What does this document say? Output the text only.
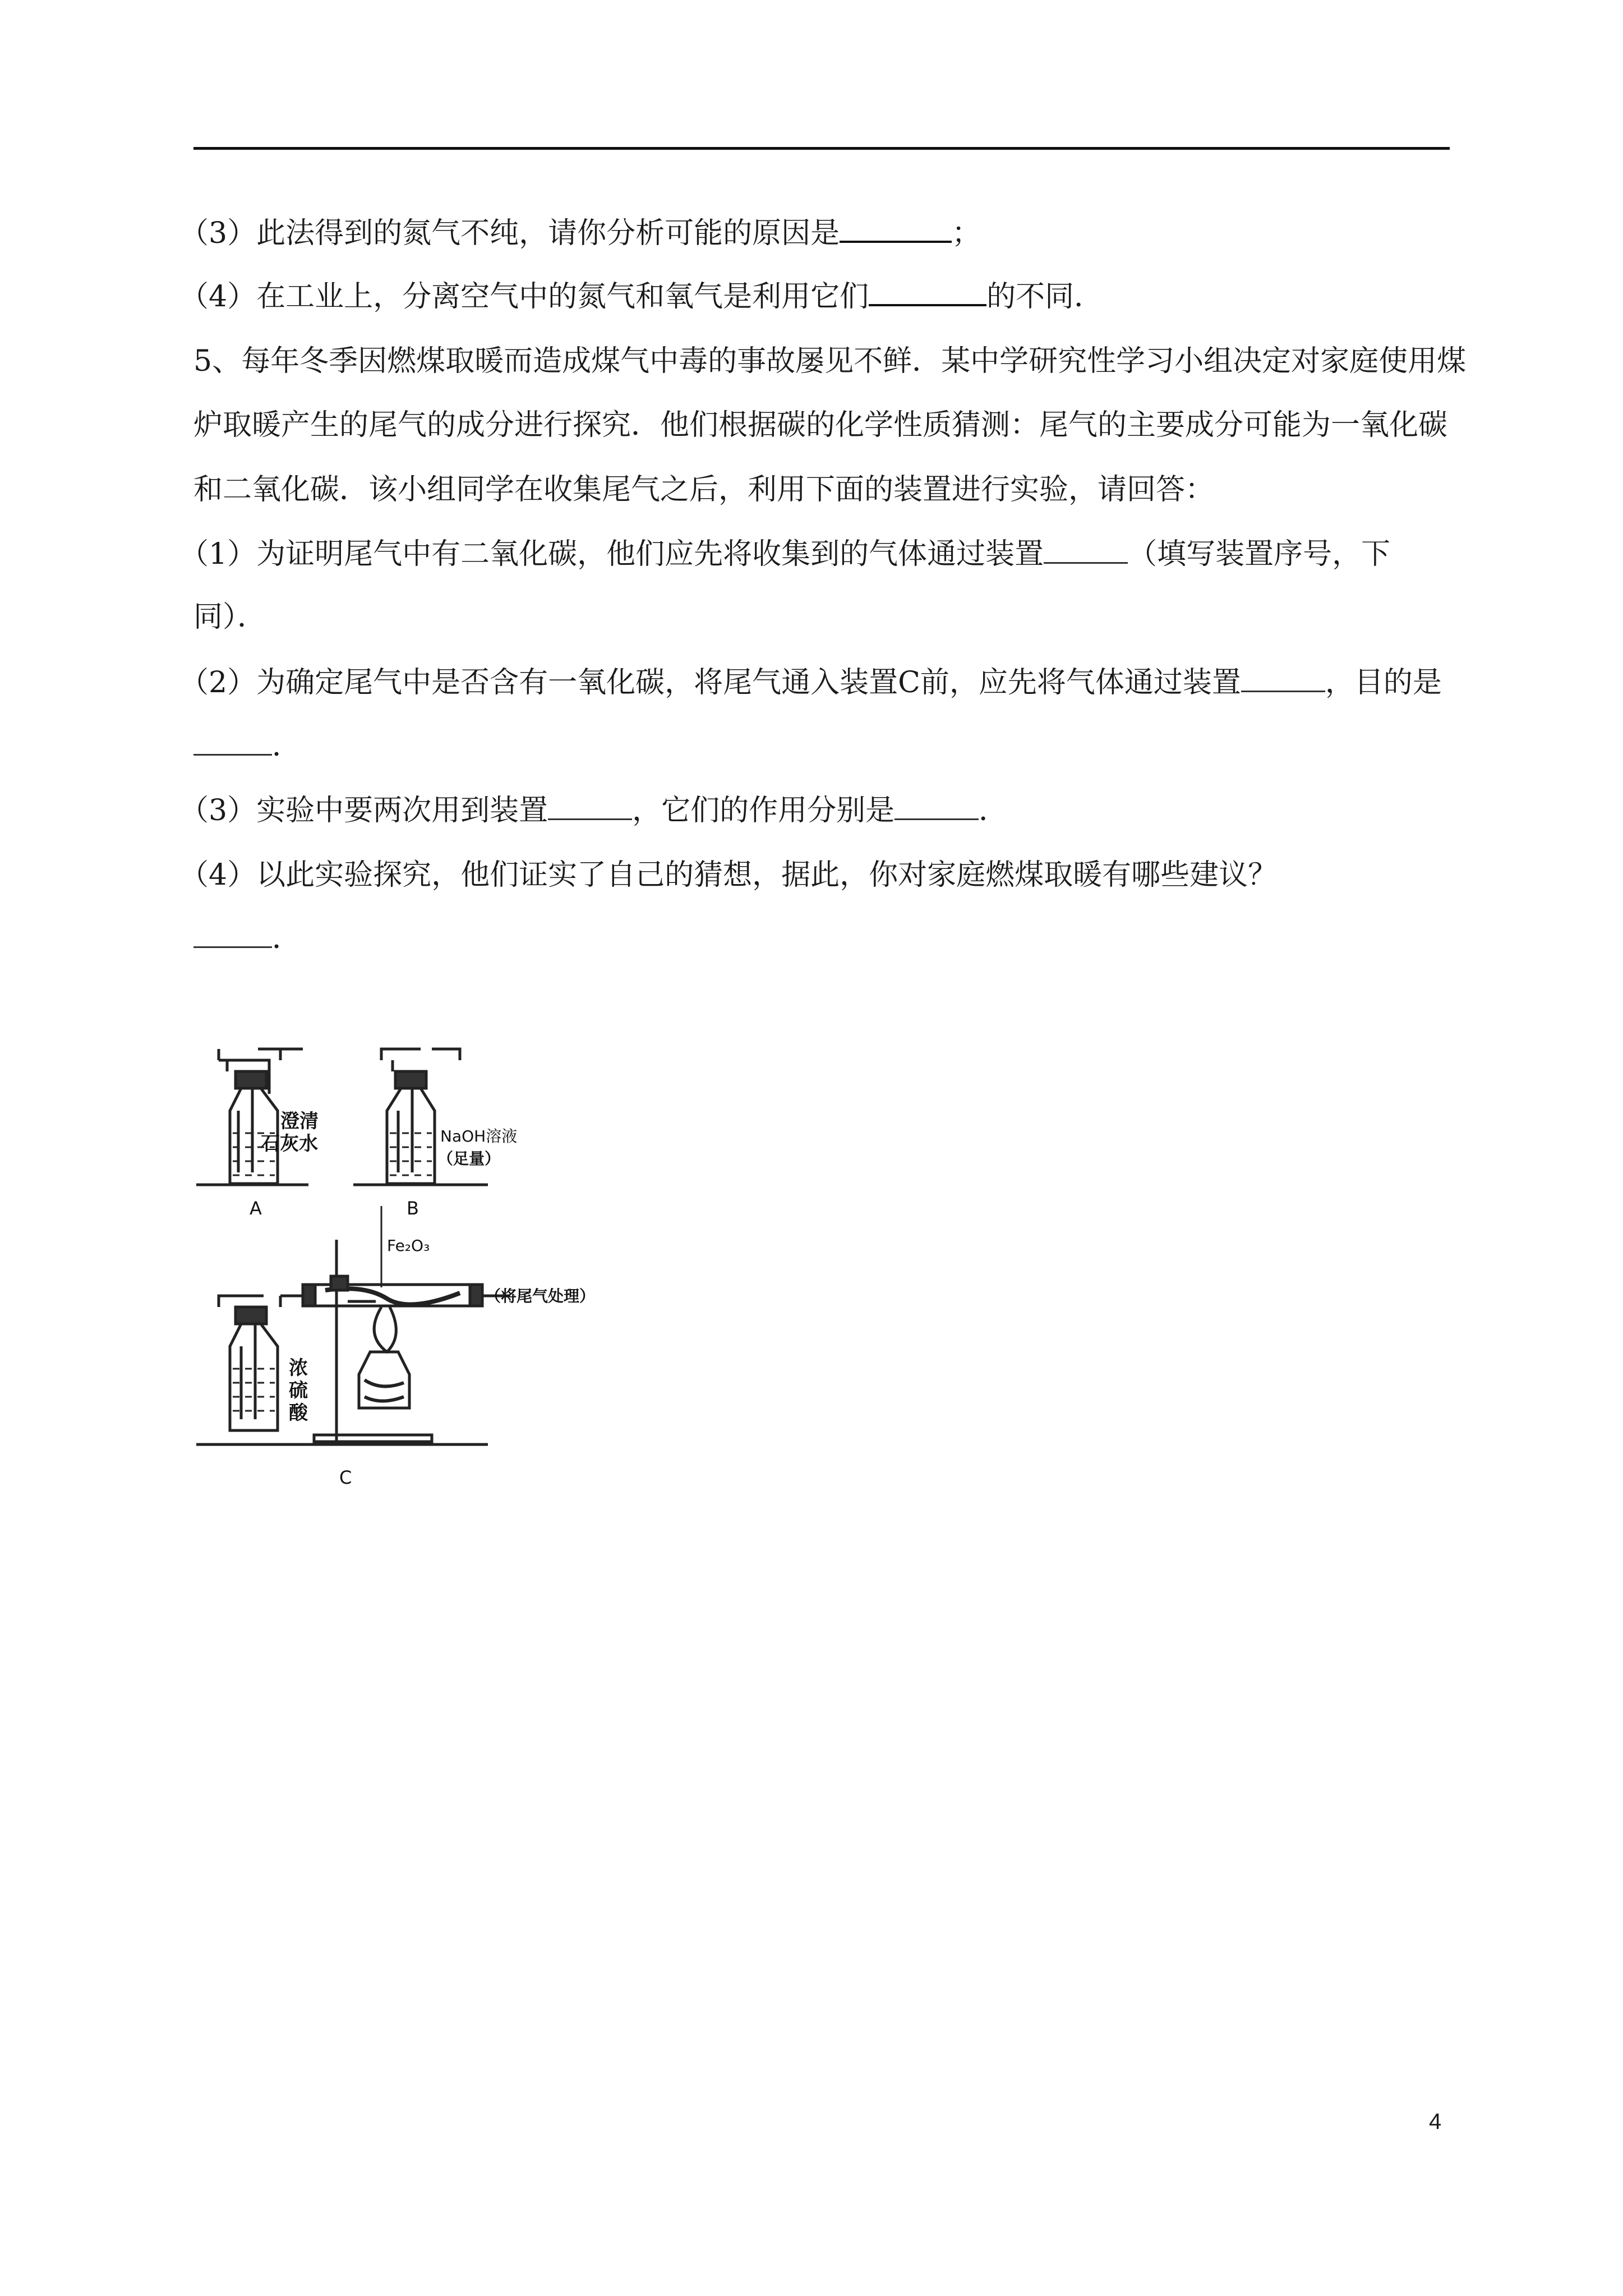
（3）此法得到的氮气不纯，请你分析可能的原因是	；
（4）在工业上，分离空气中的氮气和氧气是利用它们	的不同．
5、每年冬季因燃煤取暖而造成煤气中毒的事故屡见不鲜．某中学研究性学习小组决定对家庭使用煤
炉取暖产生的尾气的成分进行探究．他们根据碳的化学性质猜测：尾气的主要成分可能为一氧化碳
和二氧化碳．该小组同学在收集尾气之后，利用下面的装置进行实验，请回答：
（1）为证明尾气中有二氧化碳，他们应先将收集到的气体通过装置	（填写装置序号，下
同）．
（2）为确定尾气中是否含有一氧化碳，将尾气通入装置C前，应先将气体通过装置	，目的是
．
（3）实验中要两次用到装置	，它们的作用分别是	．
（4）以此实验探究，他们证实了自己的猜想，据此，你对家庭燃煤取暖有哪些建议？
．
澄清
石灰水
A
NaOH溶液
（足量）
B
Fe₂O₃
（将尾气处理）
浓
硫
酸
C
4
